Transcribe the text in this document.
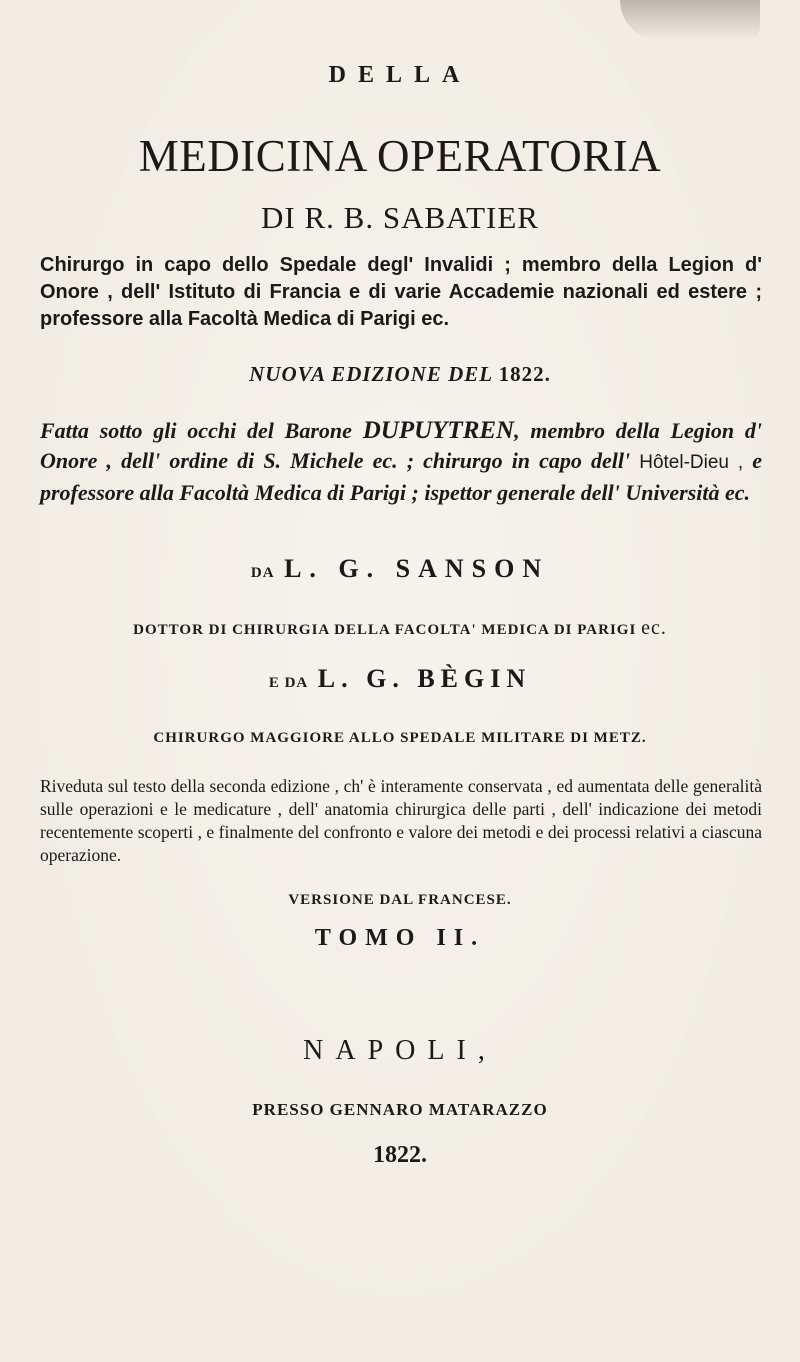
DELLA
MEDICINA OPERATORIA
DI R. B. SABATIER

Chirurgo in capo dello Spedale degl' Invalidi ; membro della Legion d' Onore , dell' Istituto di Francia e di varie Accademie nazionali ed estere ; professore alla Facoltà Medica di Parigi ec.

NUOVA EDIZIONE DEL 1822.

Fatta sotto gli occhi del Barone DUPUYTREN, membro della Legion d' Onore , dell' ordine di S. Michele ec. ; chirurgo in capo dell' Hôtel-Dieu , e professore alla Facoltà Medica di Parigi ; ispettor generale dell' Università ec.

DA L. G. SANSON
DOTTOR DI CHIRURGIA DELLA FACOLTA' MEDICA DI PARIGI ec.
E DA L. G. BÈGIN
CHIRURGO MAGGIORE ALLO SPEDALE MILITARE DI METZ.

Riveduta sul testo della seconda edizione , ch' è interamente conservata , ed aumentata delle generalità sulle operazioni e le medicature , dell' anatomia chirurgica delle parti , dell' indicazione dei metodi recentemente scoperti , e finalmente del confronto e valore dei metodi e dei processi relativi a ciascuna operazione.

VERSIONE DAL FRANCESE.
TOMO II.
NAPOLI,
PRESSO GENNARO MATARAZZO
1822.
